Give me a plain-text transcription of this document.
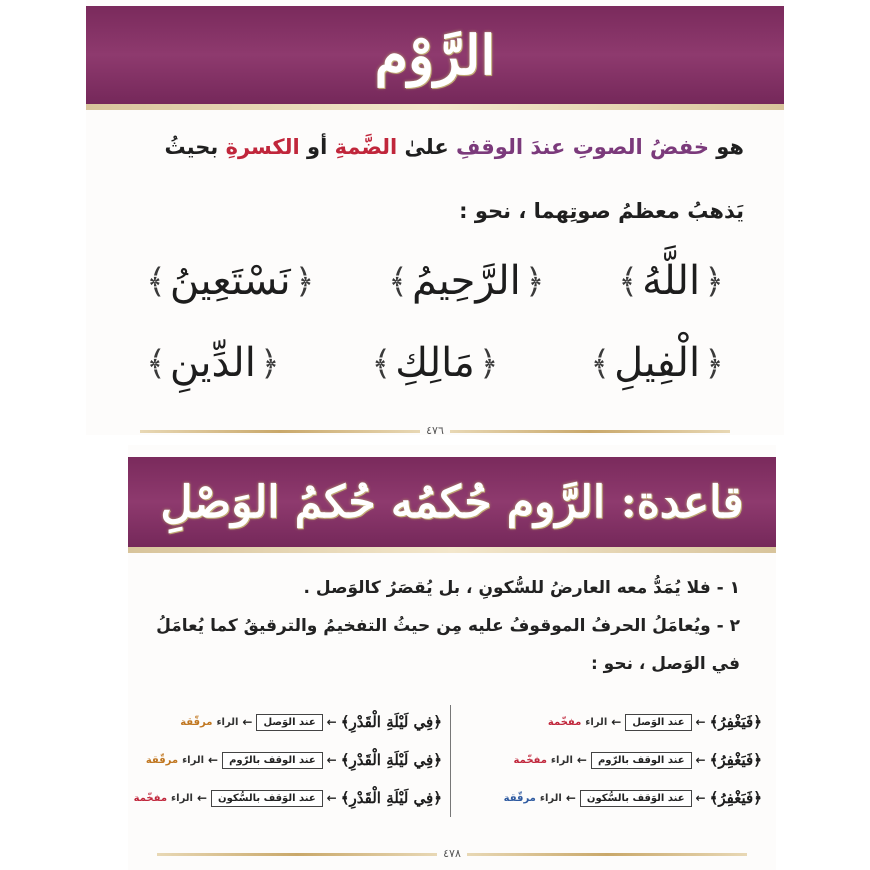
الرَّوْم
هو خفضُ الصوتِ عندَ الوقفِ علىٰ الضَّمةِ أو الكسرةِ بحيثُ
يَذهبُ معظمُ صوتِهما ، نحو :
﴿
اللَّهُ
﴾
﴿
الرَّحِيمُ
﴾
﴿
نَسْتَعِينُ
﴾
﴿
الْفِيلِ
﴾
﴿
مَالِكِ
﴾
﴿
الدِّينِ
﴾
٤٧٦
قاعدة: الرَّوم حُكمُه حُكمُ الوَصْلِ
١ - فلا يُمَدُّ معه العارضُ للسُّكونِ ، بل يُقصَرُ كالوَصل .
٢ - ويُعامَلُ الحرفُ الموقوفُ عليه مِن حيثُ التفخيمُ والترقيقُ كما يُعامَلُ
في الوَصل ، نحو :
﴿فَيَغْفِرُ﴾
←
عند الوَصل
←
الراء
مفخّمة
﴿فَيَغْفِرُ﴾
←
عند الوقف بالرّوم
←
الراء
مفخّمة
﴿فَيَغْفِرُ﴾
←
عند الوَقف بالسُّكون
←
الراء
مرقّقة
﴿فِي لَيْلَةِ الْقَدْرِ﴾
←
عند الوَصل
←
الراء
مرقّقة
﴿فِي لَيْلَةِ الْقَدْرِ﴾
←
عند الوقف بالرّوم
←
الراء
مرقّقة
﴿فِي لَيْلَةِ الْقَدْرِ﴾
←
عند الوَقف بالسُّكون
←
الراء
مفخّمة
٤٧٨
